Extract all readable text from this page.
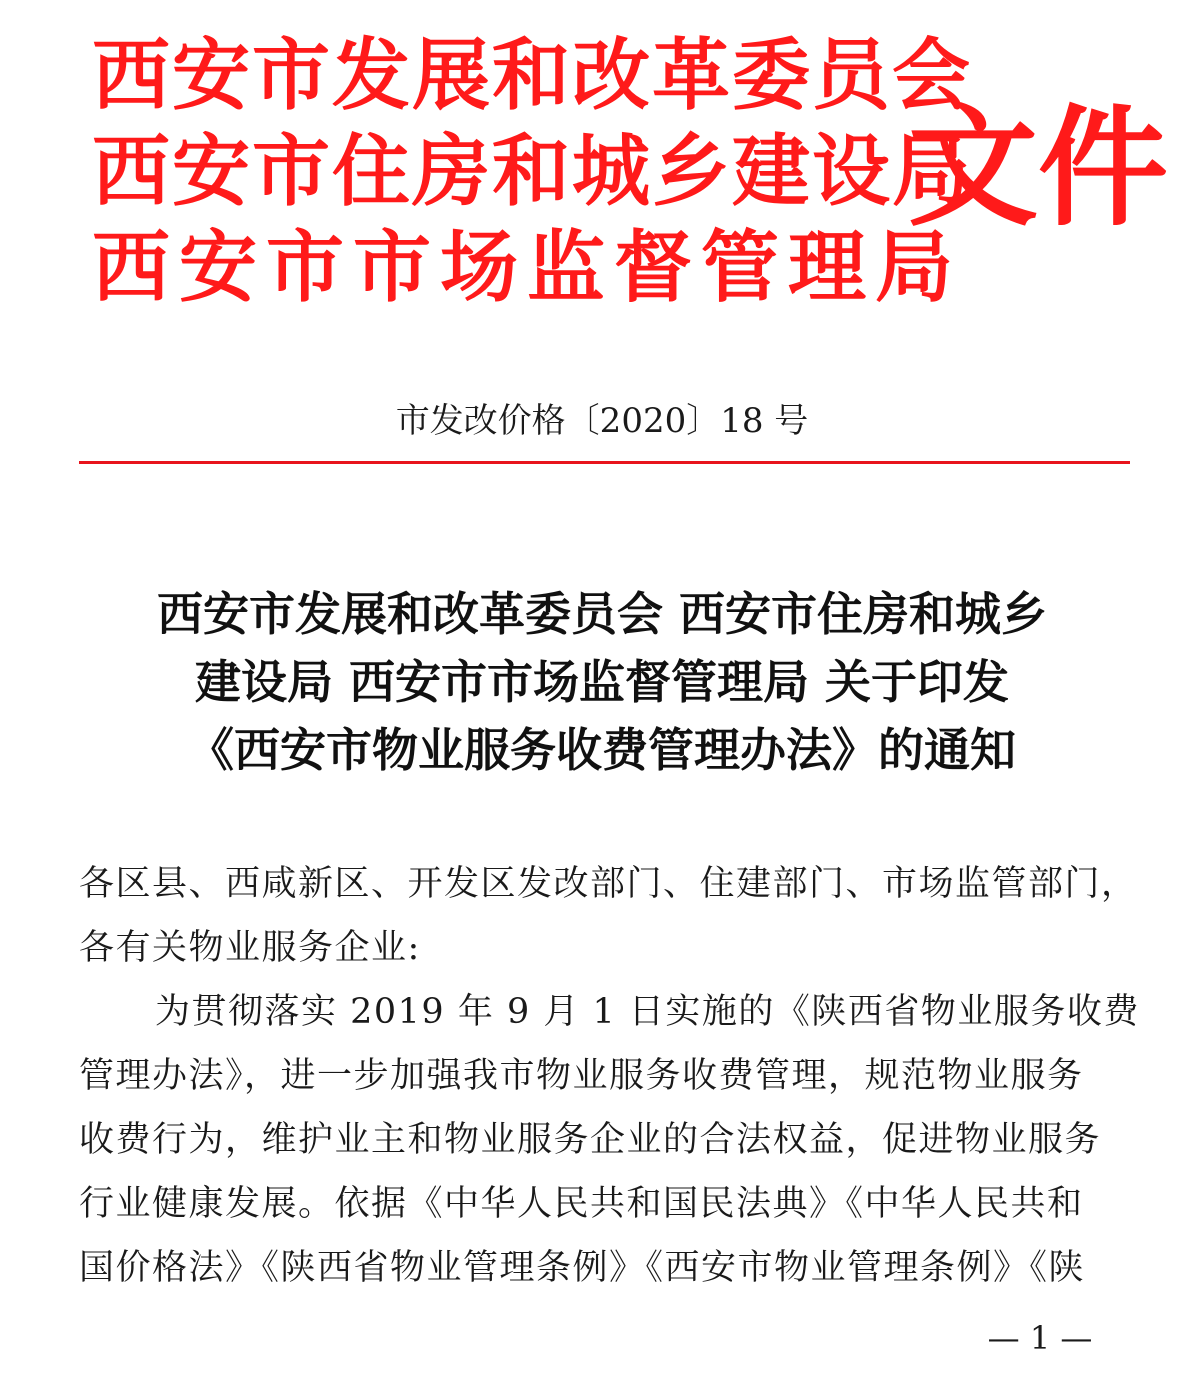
西安市发展和改革委员会
西安市住房和城乡建设局
西安市市场监督管理局
文件
市发改价格〔2020〕18 号
西安市发展和改革委员会 西安市住房和城乡
建设局 西安市市场监督管理局 关于印发
《西安市物业服务收费管理办法》的通知
各区县、西咸新区、开发区发改部门、住建部门、市场监管部门，
各有关物业服务企业:
为贯彻落实 2019 年 9 月 1 日实施的《陕西省物业服务收费
管理办法》，进一步加强我市物业服务收费管理，规范物业服务
收费行为，维护业主和物业服务企业的合法权益，促进物业服务
行业健康发展。依据《中华人民共和国民法典》《中华人民共和
国价格法》《陕西省物业管理条例》《西安市物业管理条例》《陕
— 1 —
